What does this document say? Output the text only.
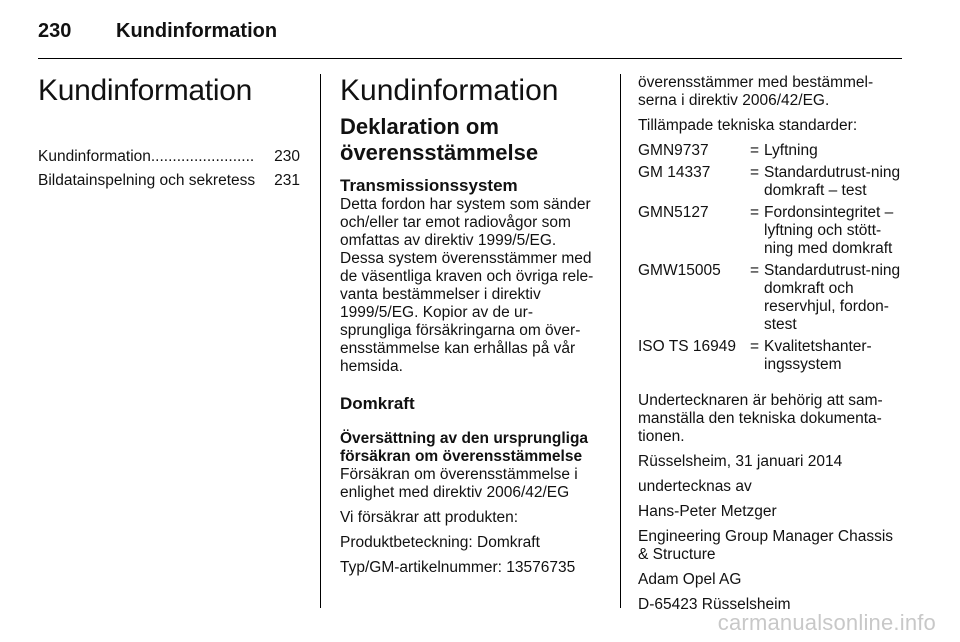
230 Kundinformation
Kundinformation
Kundinformation ........................	230
Bildatainspelning och sekretess 231
Kundinformation
Deklaration om överensstämmelse
Transmissionssystem

Detta fordon har system som sänder och/eller tar emot radiovågor som omfattas av direktiv 1999/5/EG. Dessa system överensstämmer med de väsentliga kraven och övriga rele-vanta bestämmelser i direktiv 1999/5/EG. Kopior av de ur-sprungliga försäkringarna om över-ensstämmelse kan erhållas på vår hemsida.

Domkraft
Översättning av den ursprungliga försäkran om överensstämmelse

Försäkran om överensstämmelse i enlighet med direktiv 2006/42/EG

Vi försäkrar att produkten:

Produktbeteckning: Domkraft

Typ/GM-artikelnummer: 13576735

överensstämmer med bestämmel-serna i direktiv 2006/42/EG.

Tillämpade tekniska standarder:

GMN9737	=	Lyftning
GM 14337	=	Standardutrust-ning domkraft – test
GMN5127	=	Fordonsintegritet – lyftning och stött-ning med domkraft
GMW15005	=	Standardutrust-ning domkraft och reservhjul, fordon-stest
ISO TS 16949	=	Kvalitetshanter-ingssystem

Undertecknaren är behörig att sam-manställa den tekniska dokumenta-tionen.

Rüsselsheim, 31 januari 2014

undertecknas av

Hans-Peter Metzger

Engineering Group Manager Chassis & Structure

Adam Opel AG

D-65423 Rüsselsheim

carmanualsonline.info
